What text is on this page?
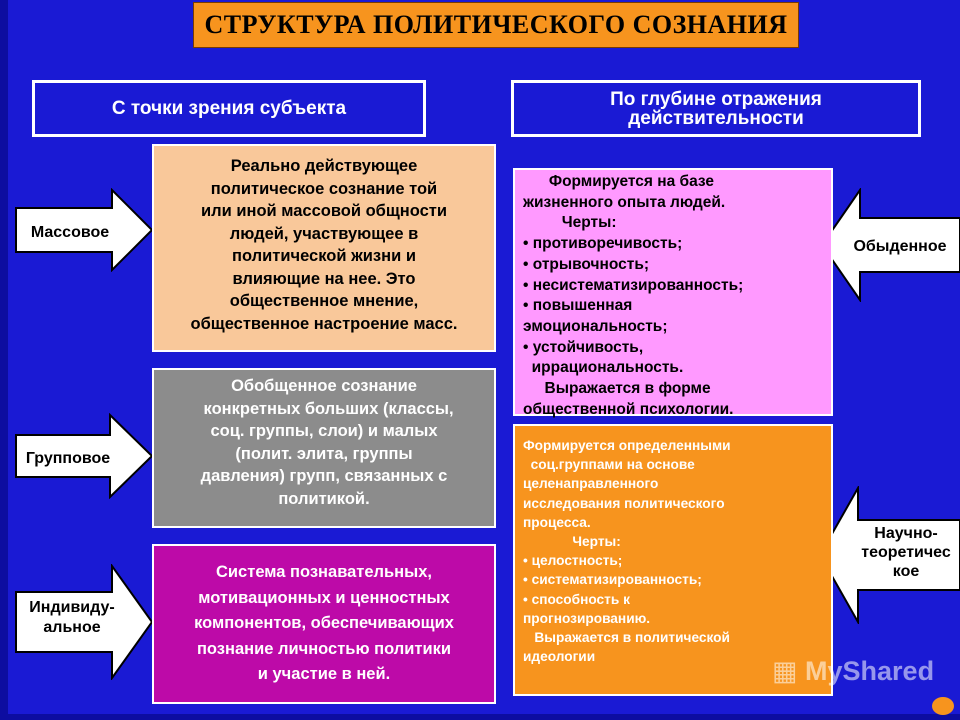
СТРУКТУРА ПОЛИТИЧЕСКОГО СОЗНАНИЯ
С точки зрения субъекта	По глубине отражения
действительности
Массовое
Групповое
Индивиду-
альное
Обыденное
Научно-
теоретичес
кое
Реально действующее
политическое сознание той
или иной массовой общности
людей, участвующее в
политической жизни и
влияющие на нее. Это
общественное мнение,
общественное настроение масс.
Обобщенное сознание
конкретных больших (классы,
соц. группы, слои) и малых
(полит. элита, группы
давления) групп, связанных с
политикой.
Система познавательных,
мотивационных и ценностных
компонентов, обеспечивающих
познание личностью политики
и участие в ней.
Формируется на базе
жизненного опыта людей.
Черты:
• противоречивость;
• отрывочность;
• несистематизированность;
• повышенная
эмоциональность;
• устойчивость,
иррациональность.
Выражается в форме
общественной психологии.
Формируется определенными
соц.группами на основе
целенаправленного
исследования политического
процесса.
Черты:
• целостность;
• систематизированность;
• способность к
прогнозированию.
Выражается в политической
идеологии	▦ MyShared
